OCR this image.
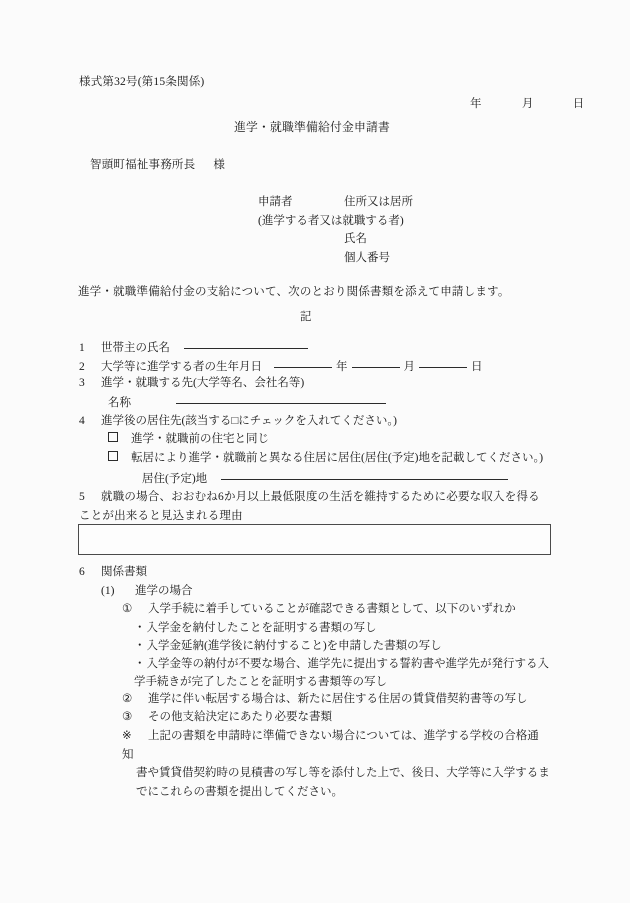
様式第32号(第15条関係)
年	月	日
進学・就職準備給付金申請書
智頭町福祉事務所長 様
申請者	住所又は居所
(進学する者又は就職する者)
氏名
個人番号
進学・就職準備給付金の支給について、次のとおり関係書類を添えて申請します。
記
1 世帯主の氏名
2 大学等に進学する者の生年月日	年	月	日
3 進学・就職する先(大学等名、会社名等)
名称
4 進学後の居住先(該当する□にチェックを入れてください。)
進学・就職前の住宅と同じ
転居により進学・就職前と異なる住居に居住(居住(予定)地を記載してください。)
居住(予定)地
5 就職の場合、おおむね6か月以上最低限度の生活を維持するために必要な収入を得る
ことが出来ると見込まれる理由
6 関係書類
(1) 進学の場合
① 入学手続に着手していることが確認できる書類として、以下のいずれか
・入学金を納付したことを証明する書類の写し
・入学金延納(進学後に納付すること)を申請した書類の写し
・入学金等の納付が不要な場合、進学先に提出する誓約書や進学先が発行する入学手続きが完了したことを証明する書類等の写し
② 進学に伴い転居する場合は、新たに居住する住居の賃貸借契約書等の写し
③ その他支給決定にあたり必要な書類
※ 上記の書類を申請時に準備できない場合については、進学する学校の合格通知
書や賃貸借契約時の見積書の写し等を添付した上で、後日、大学等に入学するま
でにこれらの書類を提出してください。
